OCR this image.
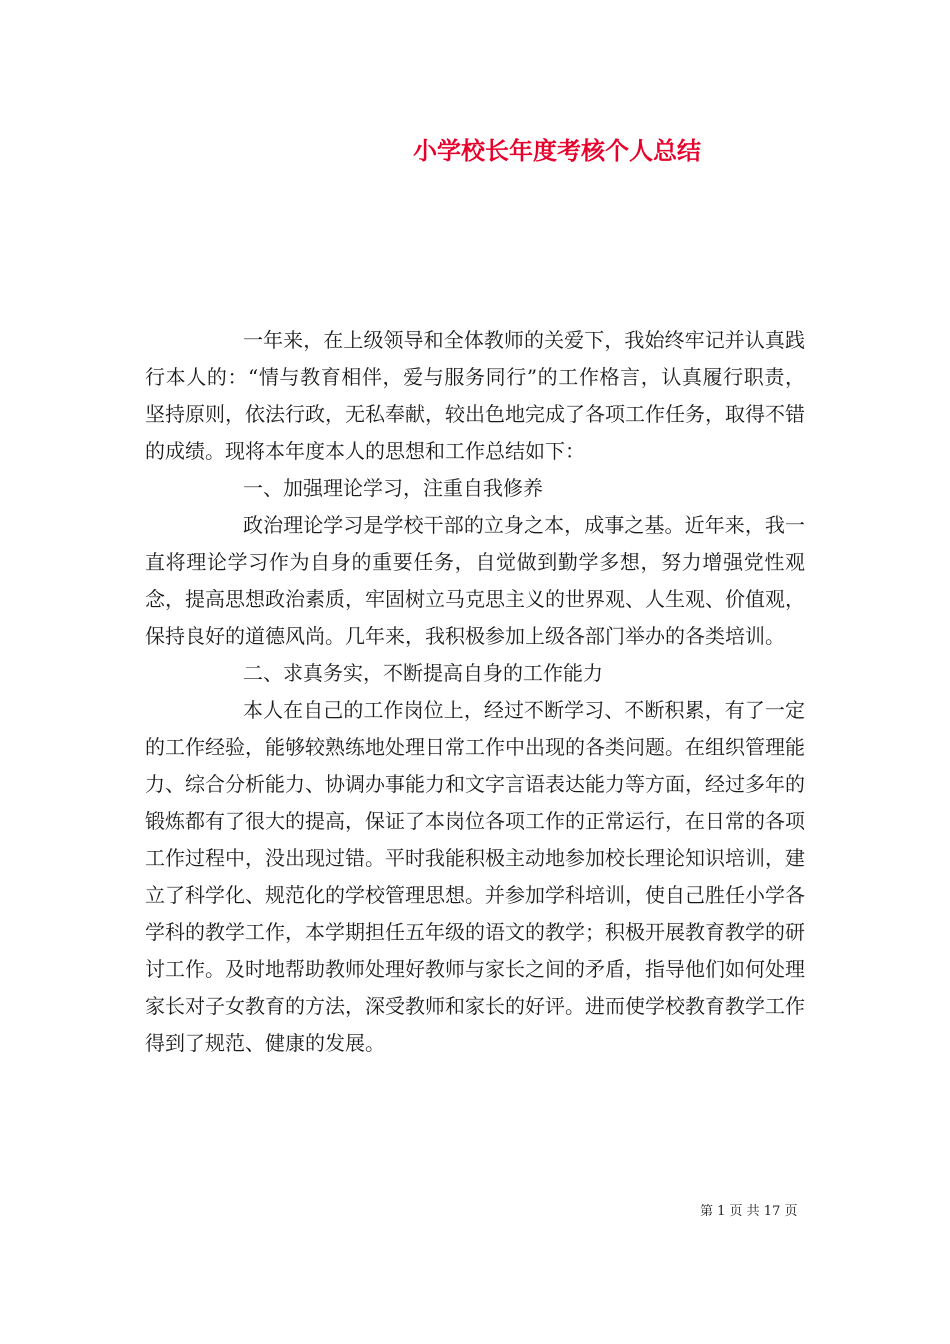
小学校长年度考核个人总结

一年来，在上级领导和全体教师的关爱下，我始终牢记并认真践行本人的：“情与教育相伴，爱与服务同行”的工作格言，认真履行职责，坚持原则，依法行政，无私奉献，较出色地完成了各项工作任务，取得不错的成绩。现将本年度本人的思想和工作总结如下：

一、加强理论学习，注重自我修养

政治理论学习是学校干部的立身之本，成事之基。近年来，我一直将理论学习作为自身的重要任务，自觉做到勤学多想，努力增强党性观念，提高思想政治素质，牢固树立马克思主义的世界观、人生观、价值观，保持良好的道德风尚。几年来，我积极参加上级各部门举办的各类培训。

二、求真务实，不断提高自身的工作能力

本人在自己的工作岗位上，经过不断学习、不断积累，有了一定的工作经验，能够较熟练地处理日常工作中出现的各类问题。在组织管理能力、综合分析能力、协调办事能力和文字言语表达能力等方面，经过多年的锻炼都有了很大的提高，保证了本岗位各项工作的正常运行，在日常的各项工作过程中，没出现过错。平时我能积极主动地参加校长理论知识培训，建立了科学化、规范化的学校管理思想。并参加学科培训，使自己胜任小学各学科的教学工作，本学期担任五年级的语文的教学；积极开展教育教学的研讨工作。及时地帮助教师处理好教师与家长之间的矛盾，指导他们如何处理家长对子女教育的方法，深受教师和家长的好评。进而使学校教育教学工作得到了规范、健康的发展。

第 1 页 共 17 页
